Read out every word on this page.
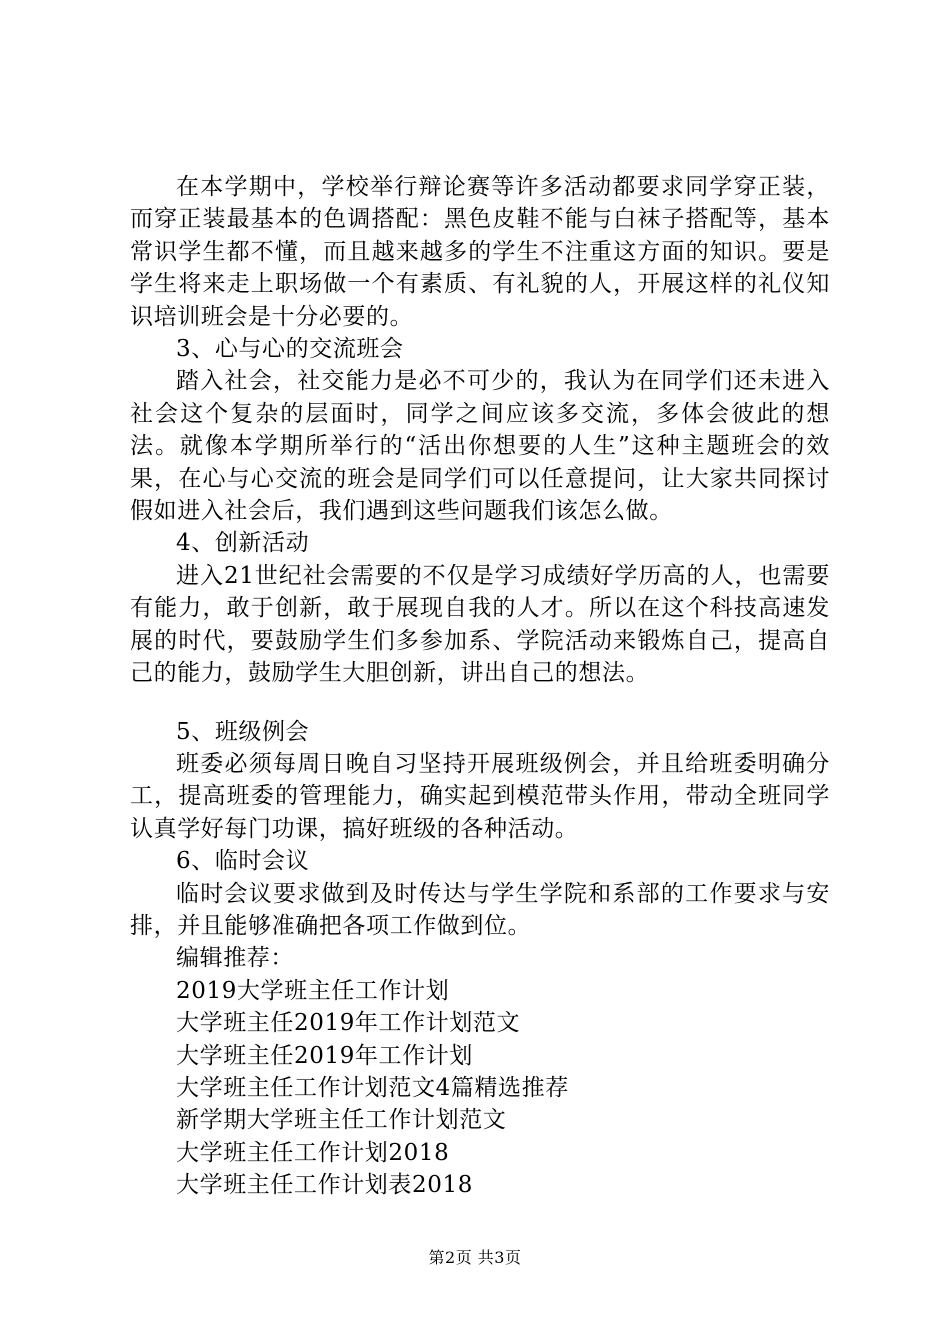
在本学期中，学校举行辩论赛等许多活动都要求同学穿正装，而穿正装最基本的色调搭配：黑色皮鞋不能与白袜子搭配等，基本常识学生都不懂，而且越来越多的学生不注重这方面的知识。要是学生将来走上职场做一个有素质、有礼貌的人，开展这样的礼仪知识培训班会是十分必要的。

3、心与心的交流班会

踏入社会，社交能力是必不可少的，我认为在同学们还未进入社会这个复杂的层面时，同学之间应该多交流，多体会彼此的想法。就像本学期所举行的“活出你想要的人生”这种主题班会的效果，在心与心交流的班会是同学们可以任意提问，让大家共同探讨假如进入社会后，我们遇到这些问题我们该怎么做。

4、创新活动

进入21世纪社会需要的不仅是学习成绩好学历高的人，也需要有能力，敢于创新，敢于展现自我的人才。所以在这个科技高速发展的时代，要鼓励学生们多参加系、学院活动来锻炼自己，提高自己的能力，鼓励学生大胆创新，讲出自己的想法。

5、班级例会

班委必须每周日晚自习坚持开展班级例会，并且给班委明确分工，提高班委的管理能力，确实起到模范带头作用，带动全班同学认真学好每门功课，搞好班级的各种活动。

6、临时会议

临时会议要求做到及时传达与学生学院和系部的工作要求与安排，并且能够准确把各项工作做到位。

编辑推荐：

2019大学班主任工作计划
大学班主任2019年工作计划范文
大学班主任2019年工作计划
大学班主任工作计划范文4篇精选推荐
新学期大学班主任工作计划范文
大学班主任工作计划2018
大学班主任工作计划表2018
第2页 共3页
